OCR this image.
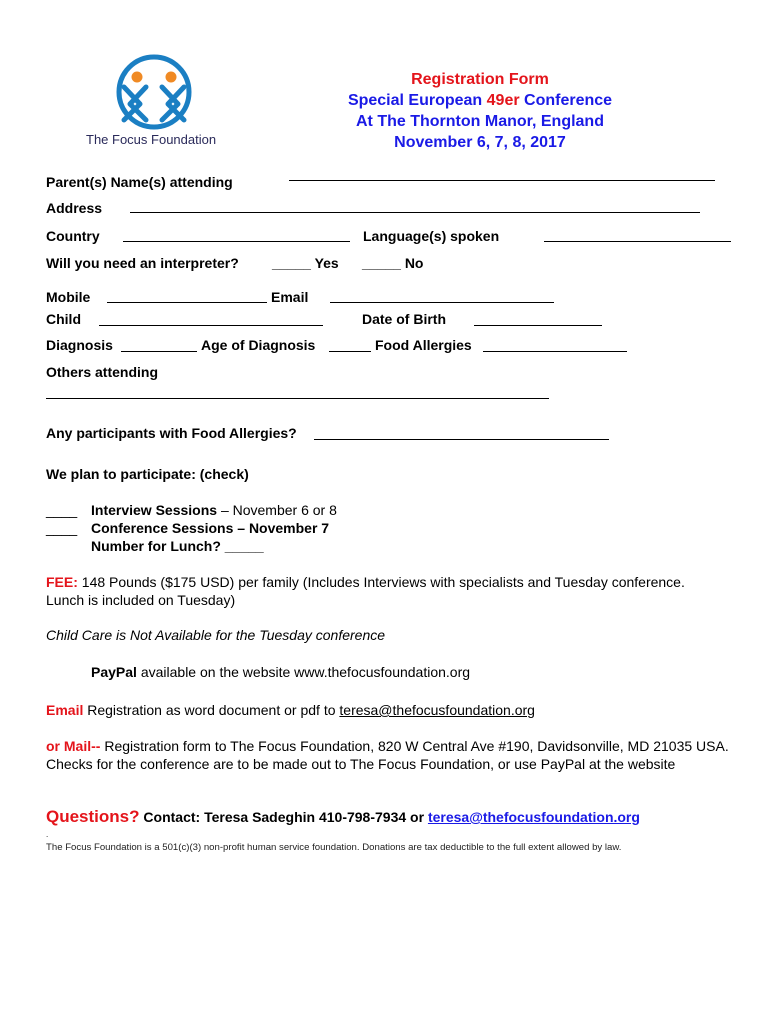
The Focus Foundation
Registration Form
Special European 49er Conference
At The Thornton Manor, England
November 6, 7, 8, 2017
Parent(s) Name(s) attending
Address
Country	Language(s) spoken
Will you need an interpreter? _____ Yes _____ No
Mobile	Email
Child	Date of Birth
Diagnosis	Age of Diagnosis	Food Allergies
Others attending
Any participants with Food Allergies?
We plan to participate: (check)
____ Interview Sessions – November 6 or 8
____ Conference Sessions – November 7
Number for Lunch? _____
FEE: 148 Pounds ($175 USD) per family (Includes Interviews with specialists and Tuesday conference. Lunch is included on Tuesday)
Child Care is Not Available for the Tuesday conference
PayPal available on the website www.thefocusfoundation.org
Email Registration as word document or pdf to teresa@thefocusfoundation.org
or Mail-- Registration form to The Focus Foundation, 820 W Central Ave #190, Davidsonville, MD 21035 USA. Checks for the conference are to be made out to The Focus Foundation, or use PayPal at the website
Questions? Contact: Teresa Sadeghin 410-798-7934 or teresa@thefocusfoundation.org
.
The Focus Foundation is a 501(c)(3) non-profit human service foundation. Donations are tax deductible to the full extent allowed by law.
